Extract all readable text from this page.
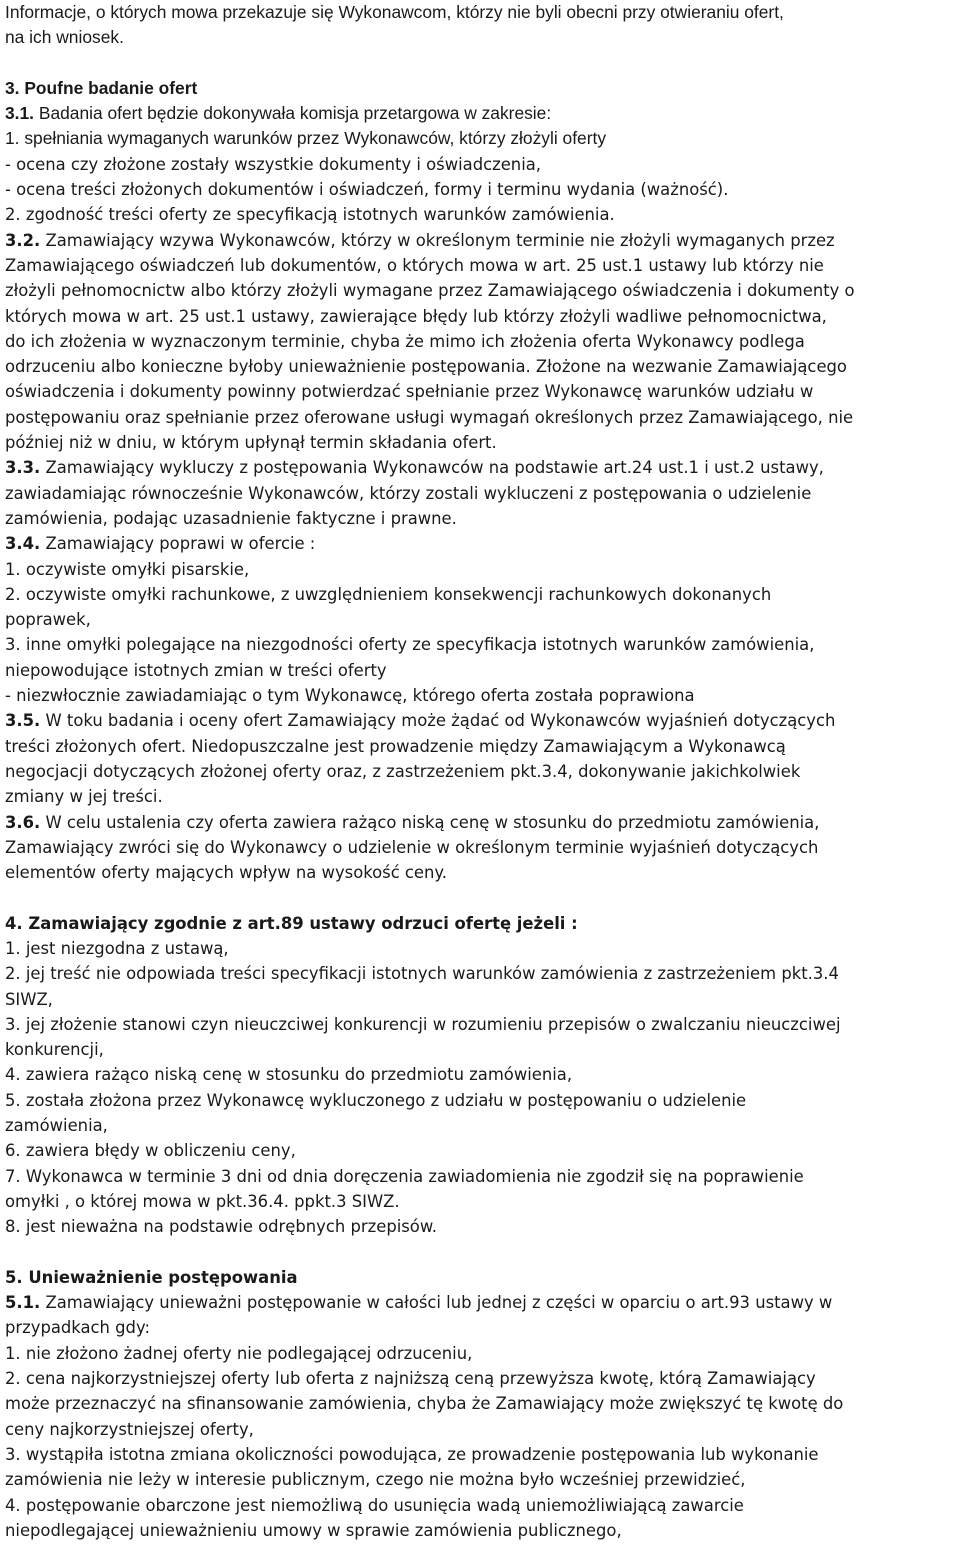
Informacje, o których mowa przekazuje się Wykonawcom, którzy nie byli obecni przy otwieraniu ofert,
na ich wniosek.
3. Poufne badanie ofert
3.1. Badania ofert będzie dokonywała komisja przetargowa w zakresie:
1. spełniania wymaganych warunków przez Wykonawców, którzy złożyli oferty
- ocena czy złożone zostały wszystkie dokumenty i oświadczenia,
- ocena treści złożonych dokumentów i oświadczeń, formy i terminu wydania (ważność).
2. zgodność treści oferty ze specyfikacją istotnych warunków zamówienia.
3.2. Zamawiający wzywa Wykonawców, którzy w określonym terminie nie złożyli wymaganych przez
Zamawiającego oświadczeń lub dokumentów, o których mowa w art. 25 ust.1 ustawy lub którzy nie
złożyli pełnomocnictw albo którzy złożyli wymagane przez Zamawiającego oświadczenia i dokumenty o
których mowa w art. 25 ust.1 ustawy, zawierające błędy lub którzy złożyli wadliwe pełnomocnictwa,
do ich złożenia w wyznaczonym terminie, chyba że mimo ich złożenia oferta Wykonawcy podlega
odrzuceniu albo konieczne byłoby unieważnienie postępowania. Złożone na wezwanie Zamawiającego
oświadczenia i dokumenty powinny potwierdzać spełnianie przez Wykonawcę warunków udziału w
postępowaniu oraz spełnianie przez oferowane usługi wymagań określonych przez Zamawiającego, nie
później niż w dniu, w którym upłynął termin składania ofert.
3.3. Zamawiający wykluczy z postępowania Wykonawców na podstawie art.24 ust.1 i ust.2 ustawy,
zawiadamiając równocześnie Wykonawców, którzy zostali wykluczeni z postępowania o udzielenie
zamówienia, podając uzasadnienie faktyczne i prawne.
3.4. Zamawiający poprawi w ofercie :
1. oczywiste omyłki pisarskie,
2. oczywiste omyłki rachunkowe, z uwzględnieniem konsekwencji rachunkowych dokonanych
poprawek,
3. inne omyłki polegające na niezgodności oferty ze specyfikacja istotnych warunków zamówienia,
niepowodujące istotnych zmian w treści oferty
- niezwłocznie zawiadamiając o tym Wykonawcę, którego oferta została poprawiona
3.5. W toku badania i oceny ofert Zamawiający może żądać od Wykonawców wyjaśnień dotyczących
treści złożonych ofert. Niedopuszczalne jest prowadzenie między Zamawiającym a Wykonawcą
negocjacji dotyczących złożonej oferty oraz, z zastrzeżeniem pkt.3.4, dokonywanie jakichkolwiek
zmiany w jej treści.
3.6. W celu ustalenia czy oferta zawiera rażąco niską cenę w stosunku do przedmiotu zamówienia,
Zamawiający zwróci się do Wykonawcy o udzielenie w określonym terminie wyjaśnień dotyczących
elementów oferty mających wpływ na wysokość ceny.
4. Zamawiający zgodnie z art.89 ustawy odrzuci ofertę jeżeli :
1. jest niezgodna z ustawą,
2. jej treść nie odpowiada treści specyfikacji istotnych warunków zamówienia z zastrzeżeniem pkt.3.4
SIWZ,
3. jej złożenie stanowi czyn nieuczciwej konkurencji w rozumieniu przepisów o zwalczaniu nieuczciwej
konkurencji,
4. zawiera rażąco niską cenę w stosunku do przedmiotu zamówienia,
5. została złożona przez Wykonawcę wykluczonego z udziału w postępowaniu o udzielenie
zamówienia,
6. zawiera błędy w obliczeniu ceny,
7. Wykonawca w terminie 3 dni od dnia doręczenia zawiadomienia nie zgodził się na poprawienie
omyłki , o której mowa w pkt.36.4. ppkt.3 SIWZ.
8. jest nieważna na podstawie odrębnych przepisów.
5. Unieważnienie postępowania
5.1. Zamawiający unieważni postępowanie w całości lub jednej z części w oparciu o art.93 ustawy w
przypadkach gdy:
1. nie złożono żadnej oferty nie podlegającej odrzuceniu,
2. cena najkorzystniejszej oferty lub oferta z najniższą ceną przewyższa kwotę, którą Zamawiający
może przeznaczyć na sfinansowanie zamówienia, chyba że Zamawiający może zwiększyć tę kwotę do
ceny najkorzystniejszej oferty,
3. wystąpiła istotna zmiana okoliczności powodująca, ze prowadzenie postępowania lub wykonanie
zamówienia nie leży w interesie publicznym, czego nie można było wcześniej przewidzieć,
4. postępowanie obarczone jest niemożliwą do usunięcia wadą uniemożliwiającą zawarcie
niepodlegającej unieważnieniu umowy w sprawie zamówienia publicznego,
